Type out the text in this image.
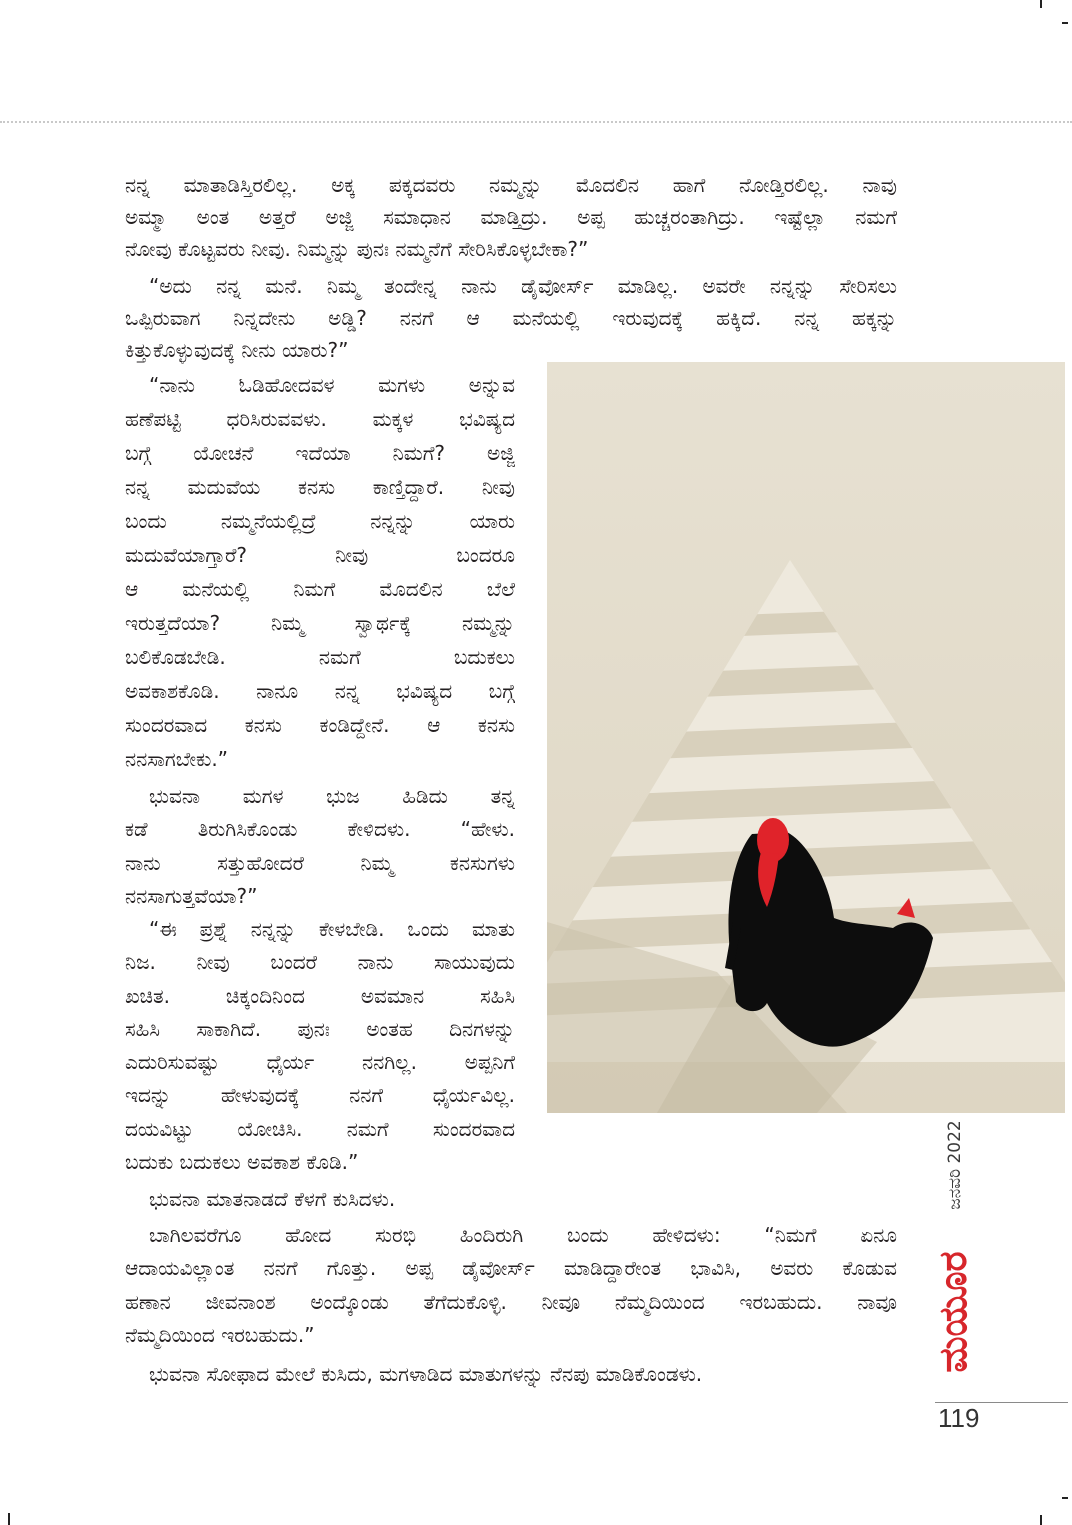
ನನ್ನ ಮಾತಾಡಿಸ್ತಿರಲಿಲ್ಲ. ಅಕ್ಕ ಪಕ್ಕದವರು ನಮ್ಮನ್ನು ಮೊದಲಿನ ಹಾಗೆ ನೋಡ್ತಿರಲಿಲ್ಲ. ನಾವು
ಅಮ್ಮಾ ಅಂತ ಅತ್ತರೆ ಅಜ್ಜಿ ಸಮಾಧಾನ ಮಾಡ್ತಿದ್ರು. ಅಪ್ಪ ಹುಚ್ಚರಂತಾಗಿದ್ರು. ಇಷ್ಟೆಲ್ಲಾ ನಮಗೆ
ನೋವು ಕೊಟ್ಟವರು ನೀವು. ನಿಮ್ಮನ್ನು ಪುನಃ ನಮ್ಮನೆಗೆ ಸೇರಿಸಿಕೊಳ್ಳಬೇಕಾ?”
“ಅದು ನನ್ನ ಮನೆ. ನಿಮ್ಮ ತಂದೇನ್ನ ನಾನು ಡೈವೋರ್ಸ್ ಮಾಡಿಲ್ಲ. ಅವರೇ ನನ್ನನ್ನು ಸೇರಿಸಲು
ಒಪ್ಪಿರುವಾಗ ನಿನ್ನದೇನು ಅಡ್ಡಿ? ನನಗೆ ಆ ಮನೆಯಲ್ಲಿ ಇರುವುದಕ್ಕೆ ಹಕ್ಕಿದೆ. ನನ್ನ ಹಕ್ಕನ್ನು
ಕಿತ್ತುಕೊಳ್ಳುವುದಕ್ಕೆ ನೀನು ಯಾರು?”
“ನಾನು ಓಡಿಹೋದವಳ ಮಗಳು ಅನ್ನುವ
ಹಣೆಪಟ್ಟಿ ಧರಿಸಿರುವವಳು. ಮಕ್ಕಳ ಭವಿಷ್ಯದ
ಬಗ್ಗೆ ಯೋಚನೆ ಇದೆಯಾ ನಿಮಗೆ? ಅಜ್ಜಿ
ನನ್ನ ಮದುವೆಯ ಕನಸು ಕಾಣ್ತಿದ್ದಾರೆ. ನೀವು
ಬಂದು ನಮ್ಮನೆಯಲ್ಲಿದ್ರೆ ನನ್ನನ್ನು ಯಾರು
ಮದುವೆಯಾಗ್ತಾರೆ? ನೀವು ಬಂದರೂ
ಆ ಮನೆಯಲ್ಲಿ ನಿಮಗೆ ಮೊದಲಿನ ಬೆಲೆ
ಇರುತ್ತದೆಯಾ? ನಿಮ್ಮ ಸ್ವಾರ್ಥಕ್ಕೆ ನಮ್ಮನ್ನು
ಬಲಿಕೊಡಬೇಡಿ. ನಮಗೆ ಬದುಕಲು
ಅವಕಾಶಕೊಡಿ. ನಾನೂ ನನ್ನ ಭವಿಷ್ಯದ ಬಗ್ಗೆ
ಸುಂದರವಾದ ಕನಸು ಕಂಡಿದ್ದೇನೆ. ಆ ಕನಸು
ನನಸಾಗಬೇಕು.”
ಭುವನಾ ಮಗಳ ಭುಜ ಹಿಡಿದು ತನ್ನ
ಕಡೆ ತಿರುಗಿಸಿಕೊಂಡು ಕೇಳಿದಳು. “ಹೇಳು.
ನಾನು ಸತ್ತುಹೋದರೆ ನಿಮ್ಮ ಕನಸುಗಳು
ನನಸಾಗುತ್ತವೆಯಾ?”
“ಈ ಪ್ರಶ್ನೆ ನನ್ನನ್ನು ಕೇಳಬೇಡಿ. ಒಂದು ಮಾತು
ನಿಜ. ನೀವು ಬಂದರೆ ನಾನು ಸಾಯುವುದು
ಖಚಿತ. ಚಿಕ್ಕಂದಿನಿಂದ ಅವಮಾನ ಸಹಿಸಿ
ಸಹಿಸಿ ಸಾಕಾಗಿದೆ. ಪುನಃ ಅಂತಹ ದಿನಗಳನ್ನು
ಎದುರಿಸುವಷ್ಟು ಧೈರ್ಯ ನನಗಿಲ್ಲ. ಅಪ್ಪನಿಗೆ
ಇದನ್ನು ಹೇಳುವುದಕ್ಕೆ ನನಗೆ ಧೈರ್ಯವಿಲ್ಲ.
ದಯವಿಟ್ಟು ಯೋಚಿಸಿ. ನಮಗೆ ಸುಂದರವಾದ
ಬದುಕು ಬದುಕಲು ಅವಕಾಶ ಕೊಡಿ.”
ಭುವನಾ ಮಾತನಾಡದೆ ಕೆಳಗೆ ಕುಸಿದಳು.
ಬಾಗಿಲವರೆಗೂ ಹೋದ ಸುರಭಿ ಹಿಂದಿರುಗಿ ಬಂದು ಹೇಳಿದಳು: “ನಿಮಗೆ ಏನೂ
ಆದಾಯವಿಲ್ಲಾಂತ ನನಗೆ ಗೊತ್ತು. ಅಪ್ಪ ಡೈವೋರ್ಸ್ ಮಾಡಿದ್ದಾರೇಂತ ಭಾವಿಸಿ, ಅವರು ಕೊಡುವ
ಹಣಾನ ಜೀವನಾಂಶ ಅಂದ್ಕೊಂಡು ತೆಗೆದುಕೊಳ್ಳಿ. ನೀವೂ ನೆಮ್ಮದಿಯಿಂದ ಇರಬಹುದು. ನಾವೂ
ನೆಮ್ಮದಿಯಿಂದ ಇರಬಹುದು.”
ಭುವನಾ ಸೋಫಾದ ಮೇಲೆ ಕುಸಿದು, ಮಗಳಾಡಿದ ಮಾತುಗಳನ್ನು ನೆನಪು ಮಾಡಿಕೊಂಡಳು.
ಜನವರಿ 2022
ಮಯೂರ
119
